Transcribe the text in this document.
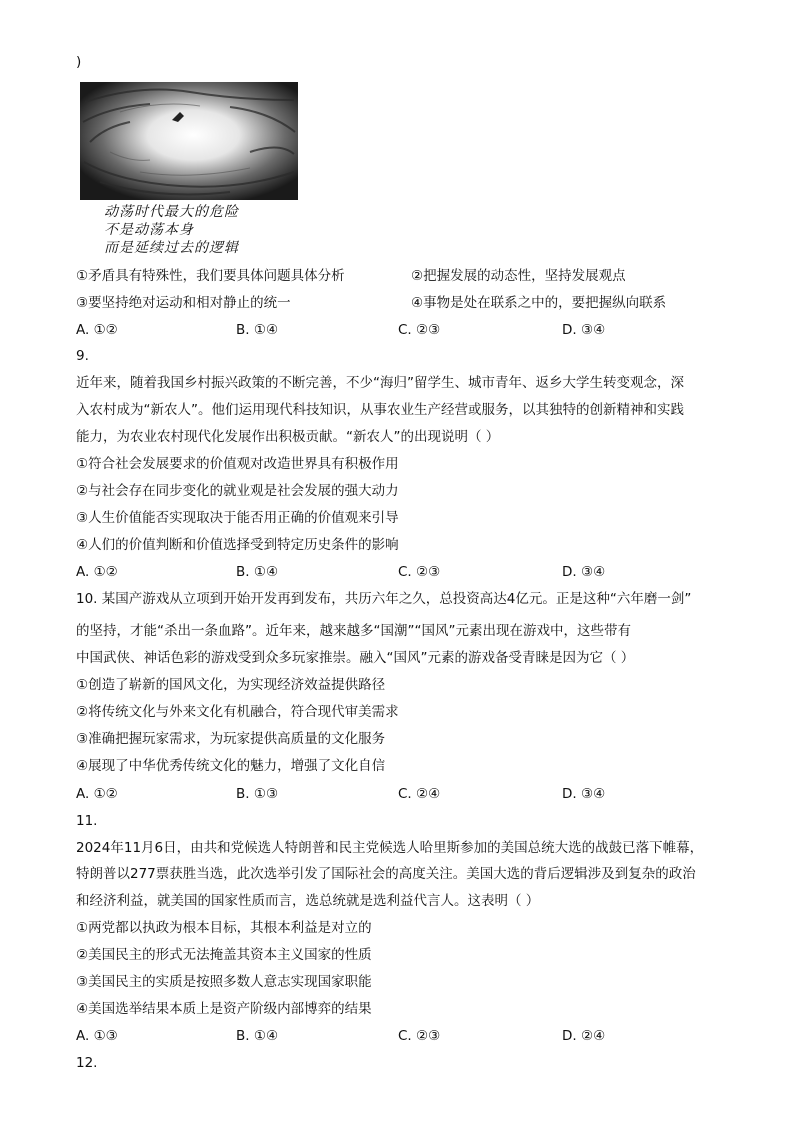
)
动荡时代最大的危险
不是动荡本身
而是延续过去的逻辑
①矛盾具有特殊性，我们要具体问题具体分析	②把握发展的动态性，坚持发展观点
③要坚持绝对运动和相对静止的统一	④事物是处在联系之中的，要把握纵向联系
A. ①②	B. ①④	C. ②③	D. ③④
9.
近年来，随着我国乡村振兴政策的不断完善，不少“海归”留学生、城市青年、返乡大学生转变观念，深
入农村成为“新农人”。他们运用现代科技知识，从事农业生产经营或服务，以其独特的创新精神和实践
能力，为农业农村现代化发展作出积极贡献。“新农人”的出现说明（ ）
①符合社会发展要求的价值观对改造世界具有积极作用
②与社会存在同步变化的就业观是社会发展的强大动力
③人生价值能否实现取决于能否用正确的价值观来引导
④人们的价值判断和价值选择受到特定历史条件的影响
A. ①②	B. ①④	C. ②③	D. ③④
10. 某国产游戏从立项到开始开发再到发布，共历六年之久，总投资高达4亿元。正是这种“六年磨一剑”
的坚持，才能“杀出一条血路”。近年来，越来越多“国潮”“国风”元素出现在游戏中，这些带有
中国武侠、神话色彩的游戏受到众多玩家推崇。融入“国风”元素的游戏备受青睐是因为它（ ）
①创造了崭新的国风文化，为实现经济效益提供路径
②将传统文化与外来文化有机融合，符合现代审美需求
③准确把握玩家需求，为玩家提供高质量的文化服务
④展现了中华优秀传统文化的魅力，增强了文化自信
A. ①②	B. ①③	C. ②④	D. ③④
11.
2024年11月6日，由共和党候选人特朗普和民主党候选人哈里斯参加的美国总统大选的战鼓已落下帷幕，
特朗普以277票获胜当选，此次选举引发了国际社会的高度关注。美国大选的背后逻辑涉及到复杂的政治
和经济利益，就美国的国家性质而言，选总统就是选利益代言人。这表明（ ）
①两党都以执政为根本目标，其根本利益是对立的
②美国民主的形式无法掩盖其资本主义国家的性质
③美国民主的实质是按照多数人意志实现国家职能
④美国选举结果本质上是资产阶级内部博弈的结果
A. ①③	B. ①④	C. ②③	D. ②④
12.
